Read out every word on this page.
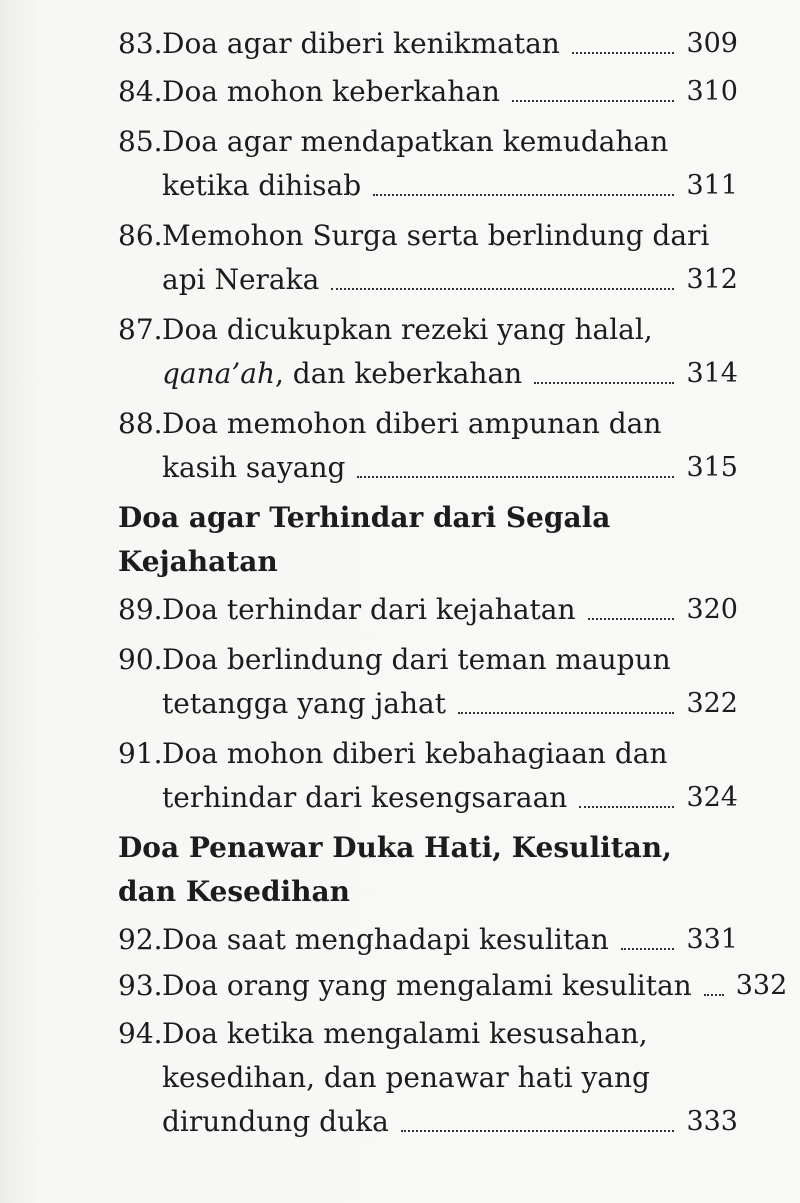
83. Doa agar diberi kenikmatan	309
84. Doa mohon keberkahan	310
85. Doa agar mendapatkan kemudahan
ketika dihisab	311
86. Memohon Surga serta berlindung dari
api Neraka	312
87. Doa dicukupkan rezeki yang halal,
qana’ah, dan keberkahan	314
88. Doa memohon diberi ampunan dan
kasih sayang	315
Doa agar Terhindar dari Segala
Kejahatan
89. Doa terhindar dari kejahatan	320
90. Doa berlindung dari teman maupun
tetangga yang jahat	322
91. Doa mohon diberi kebahagiaan dan
terhindar dari kesengsaraan	324
Doa Penawar Duka Hati, Kesulitan,
dan Kesedihan
92. Doa saat menghadapi kesulitan	331
93. Doa orang yang mengalami kesulitan 332
94. Doa ketika mengalami kesusahan,
kesedihan, dan penawar hati yang
dirundung duka	333
